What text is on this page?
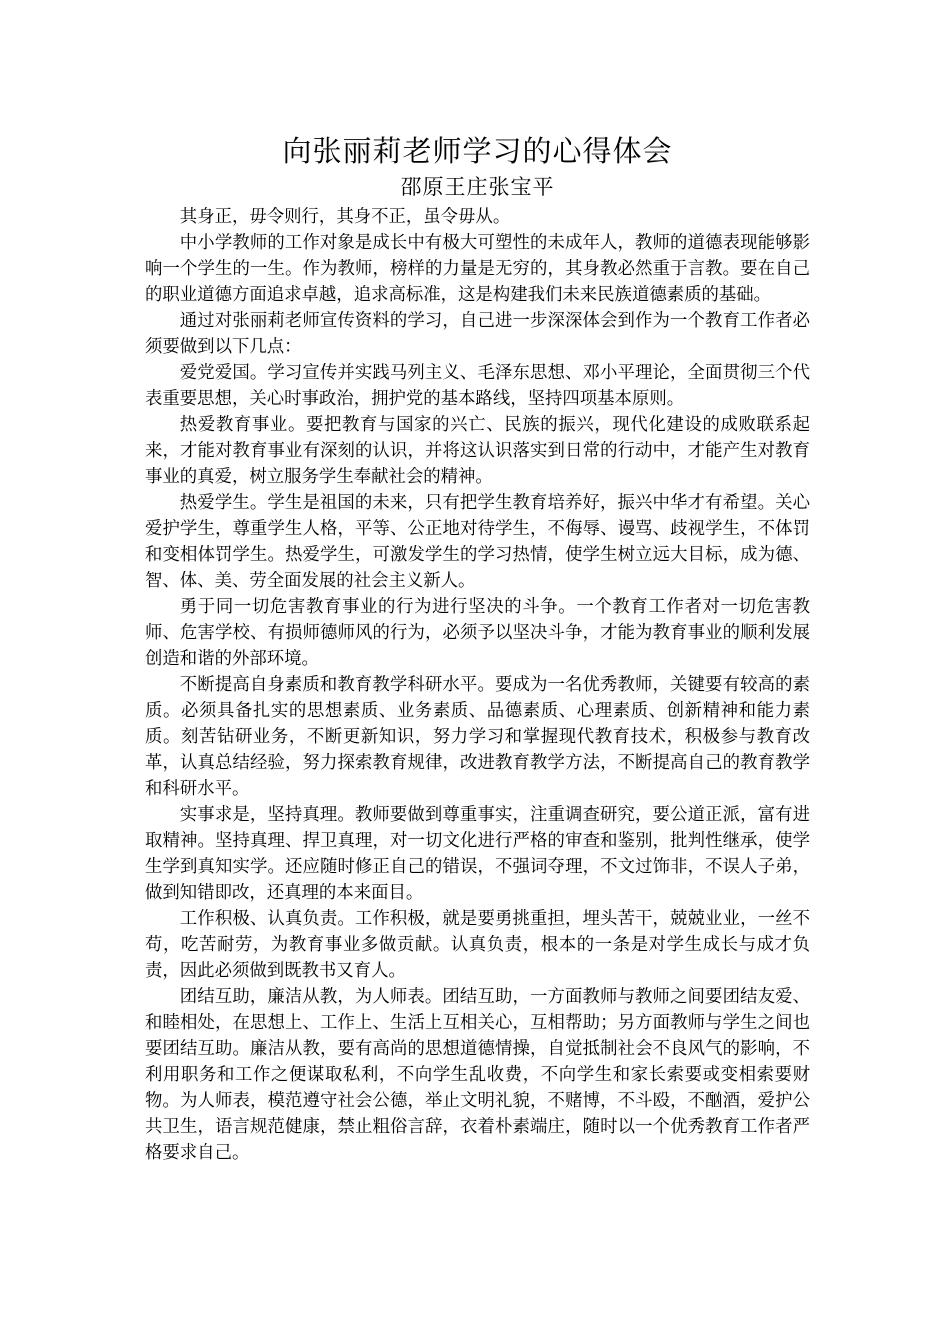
向张丽莉老师学习的心得体会
邵原王庄张宝平

其身正，毋令则行，其身不正，虽令毋从。

中小学教师的工作对象是成长中有极大可塑性的未成年人，教师的道德表现能够影响一个学生的一生。作为教师，榜样的力量是无穷的，其身教必然重于言教。要在自己的职业道德方面追求卓越，追求高标准，这是构建我们未来民族道德素质的基础。

通过对张丽莉老师宣传资料的学习，自己进一步深深体会到作为一个教育工作者必须要做到以下几点：

爱党爱国。学习宣传并实践马列主义、毛泽东思想、邓小平理论，全面贯彻三个代表重要思想，关心时事政治，拥护党的基本路线，坚持四项基本原则。

热爱教育事业。要把教育与国家的兴亡、民族的振兴，现代化建设的成败联系起来，才能对教育事业有深刻的认识，并将这认识落实到日常的行动中，才能产生对教育事业的真爱，树立服务学生奉献社会的精神。

热爱学生。学生是祖国的未来，只有把学生教育培养好，振兴中华才有希望。关心爱护学生，尊重学生人格，平等、公正地对待学生，不侮辱、谩骂、歧视学生，不体罚和变相体罚学生。热爱学生，可激发学生的学习热情，使学生树立远大目标，成为德、智、体、美、劳全面发展的社会主义新人。

勇于同一切危害教育事业的行为进行坚决的斗争。一个教育工作者对一切危害教师、危害学校、有损师德师风的行为，必须予以坚决斗争，才能为教育事业的顺利发展创造和谐的外部环境。

不断提高自身素质和教育教学科研水平。要成为一名优秀教师，关键要有较高的素质。必须具备扎实的思想素质、业务素质、品德素质、心理素质、创新精神和能力素质。刻苦钻研业务，不断更新知识，努力学习和掌握现代教育技术，积极参与教育改革，认真总结经验，努力探索教育规律，改进教育教学方法，不断提高自己的教育教学和科研水平。

实事求是，坚持真理。教师要做到尊重事实，注重调查研究，要公道正派，富有进取精神。坚持真理、捍卫真理，对一切文化进行严格的审查和鉴别，批判性继承，使学生学到真知实学。还应随时修正自己的错误，不强词夺理，不文过饰非，不误人子弟，做到知错即改，还真理的本来面目。

工作积极、认真负责。工作积极，就是要勇挑重担，埋头苦干，兢兢业业，一丝不苟，吃苦耐劳，为教育事业多做贡献。认真负责，根本的一条是对学生成长与成才负责，因此必须做到既教书又育人。

团结互助，廉洁从教，为人师表。团结互助，一方面教师与教师之间要团结友爱、和睦相处，在思想上、工作上、生活上互相关心，互相帮助；另方面教师与学生之间也要团结互助。廉洁从教，要有高尚的思想道德情操，自觉抵制社会不良风气的影响，不利用职务和工作之便谋取私利，不向学生乱收费，不向学生和家长索要或变相索要财物。为人师表，模范遵守社会公德，举止文明礼貌，不赌博，不斗殴，不酗酒，爱护公共卫生，语言规范健康，禁止粗俗言辞，衣着朴素端庄，随时以一个优秀教育工作者严格要求自己。
